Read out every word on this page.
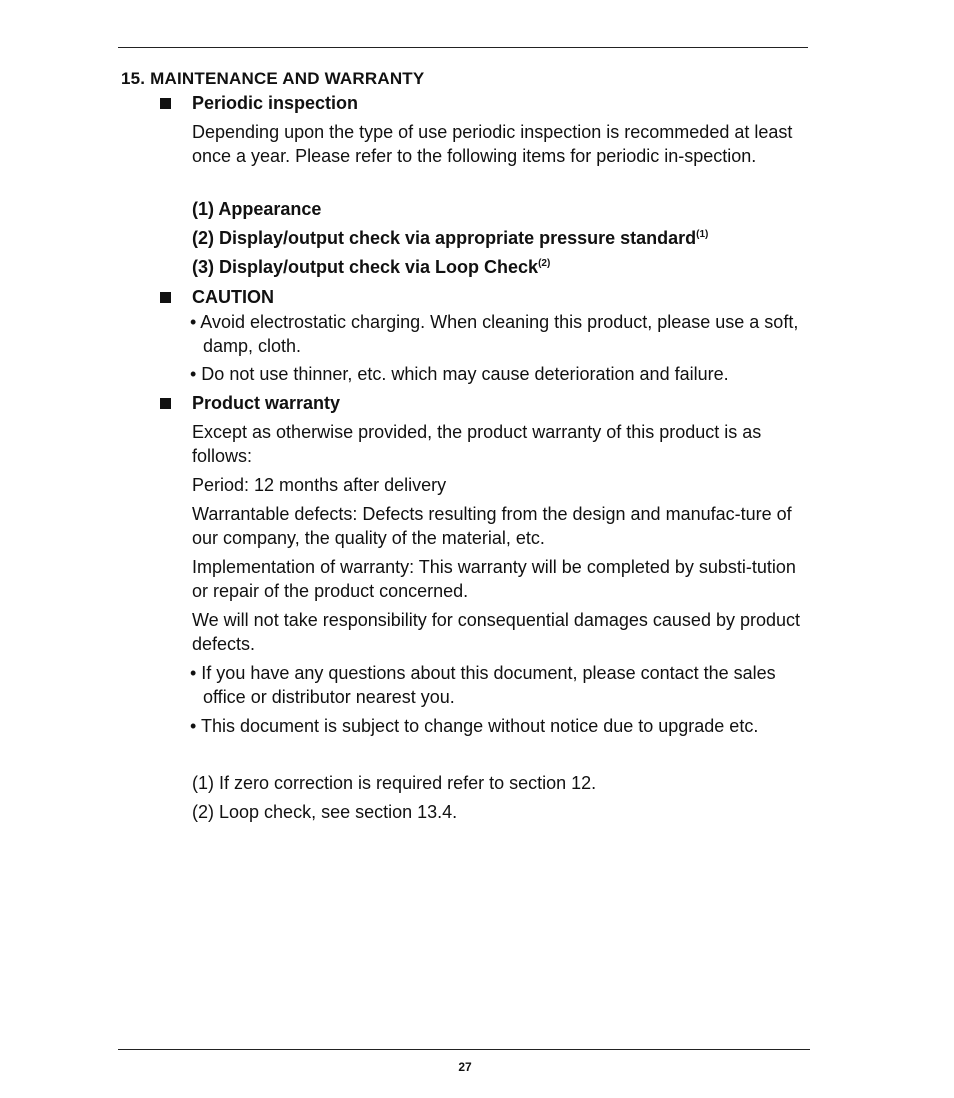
15. MAINTENANCE AND WARRANTY
Periodic inspection
Depending upon the type of use periodic inspection is recommeded at least once a year. Please refer to the following items for periodic in-spection.
(1) Appearance
(2) Display/output check via appropriate pressure standard$^{(1)}$
(3) Display/output check via Loop Check$^{(2)}$
CAUTION
• Avoid electrostatic charging. When cleaning this product, please use a soft, damp, cloth.
• Do not use thinner, etc. which may cause deterioration and failure.
Product warranty
Except as otherwise provided, the product warranty of this product is as follows:
Period: 12 months after delivery
Warrantable defects: Defects resulting from the design and manufac-ture of our company, the quality of the material, etc.
Implementation of warranty: This warranty will be completed by substi-tution or repair of the product concerned.
We will not take responsibility for consequential damages caused by product defects.
• If you have any questions about this document, please contact the sales office or distributor nearest you.
• This document is subject to change without notice due to upgrade etc.
(1) If zero correction is required refer to section 12.
(2) Loop check, see section 13.4.
27
